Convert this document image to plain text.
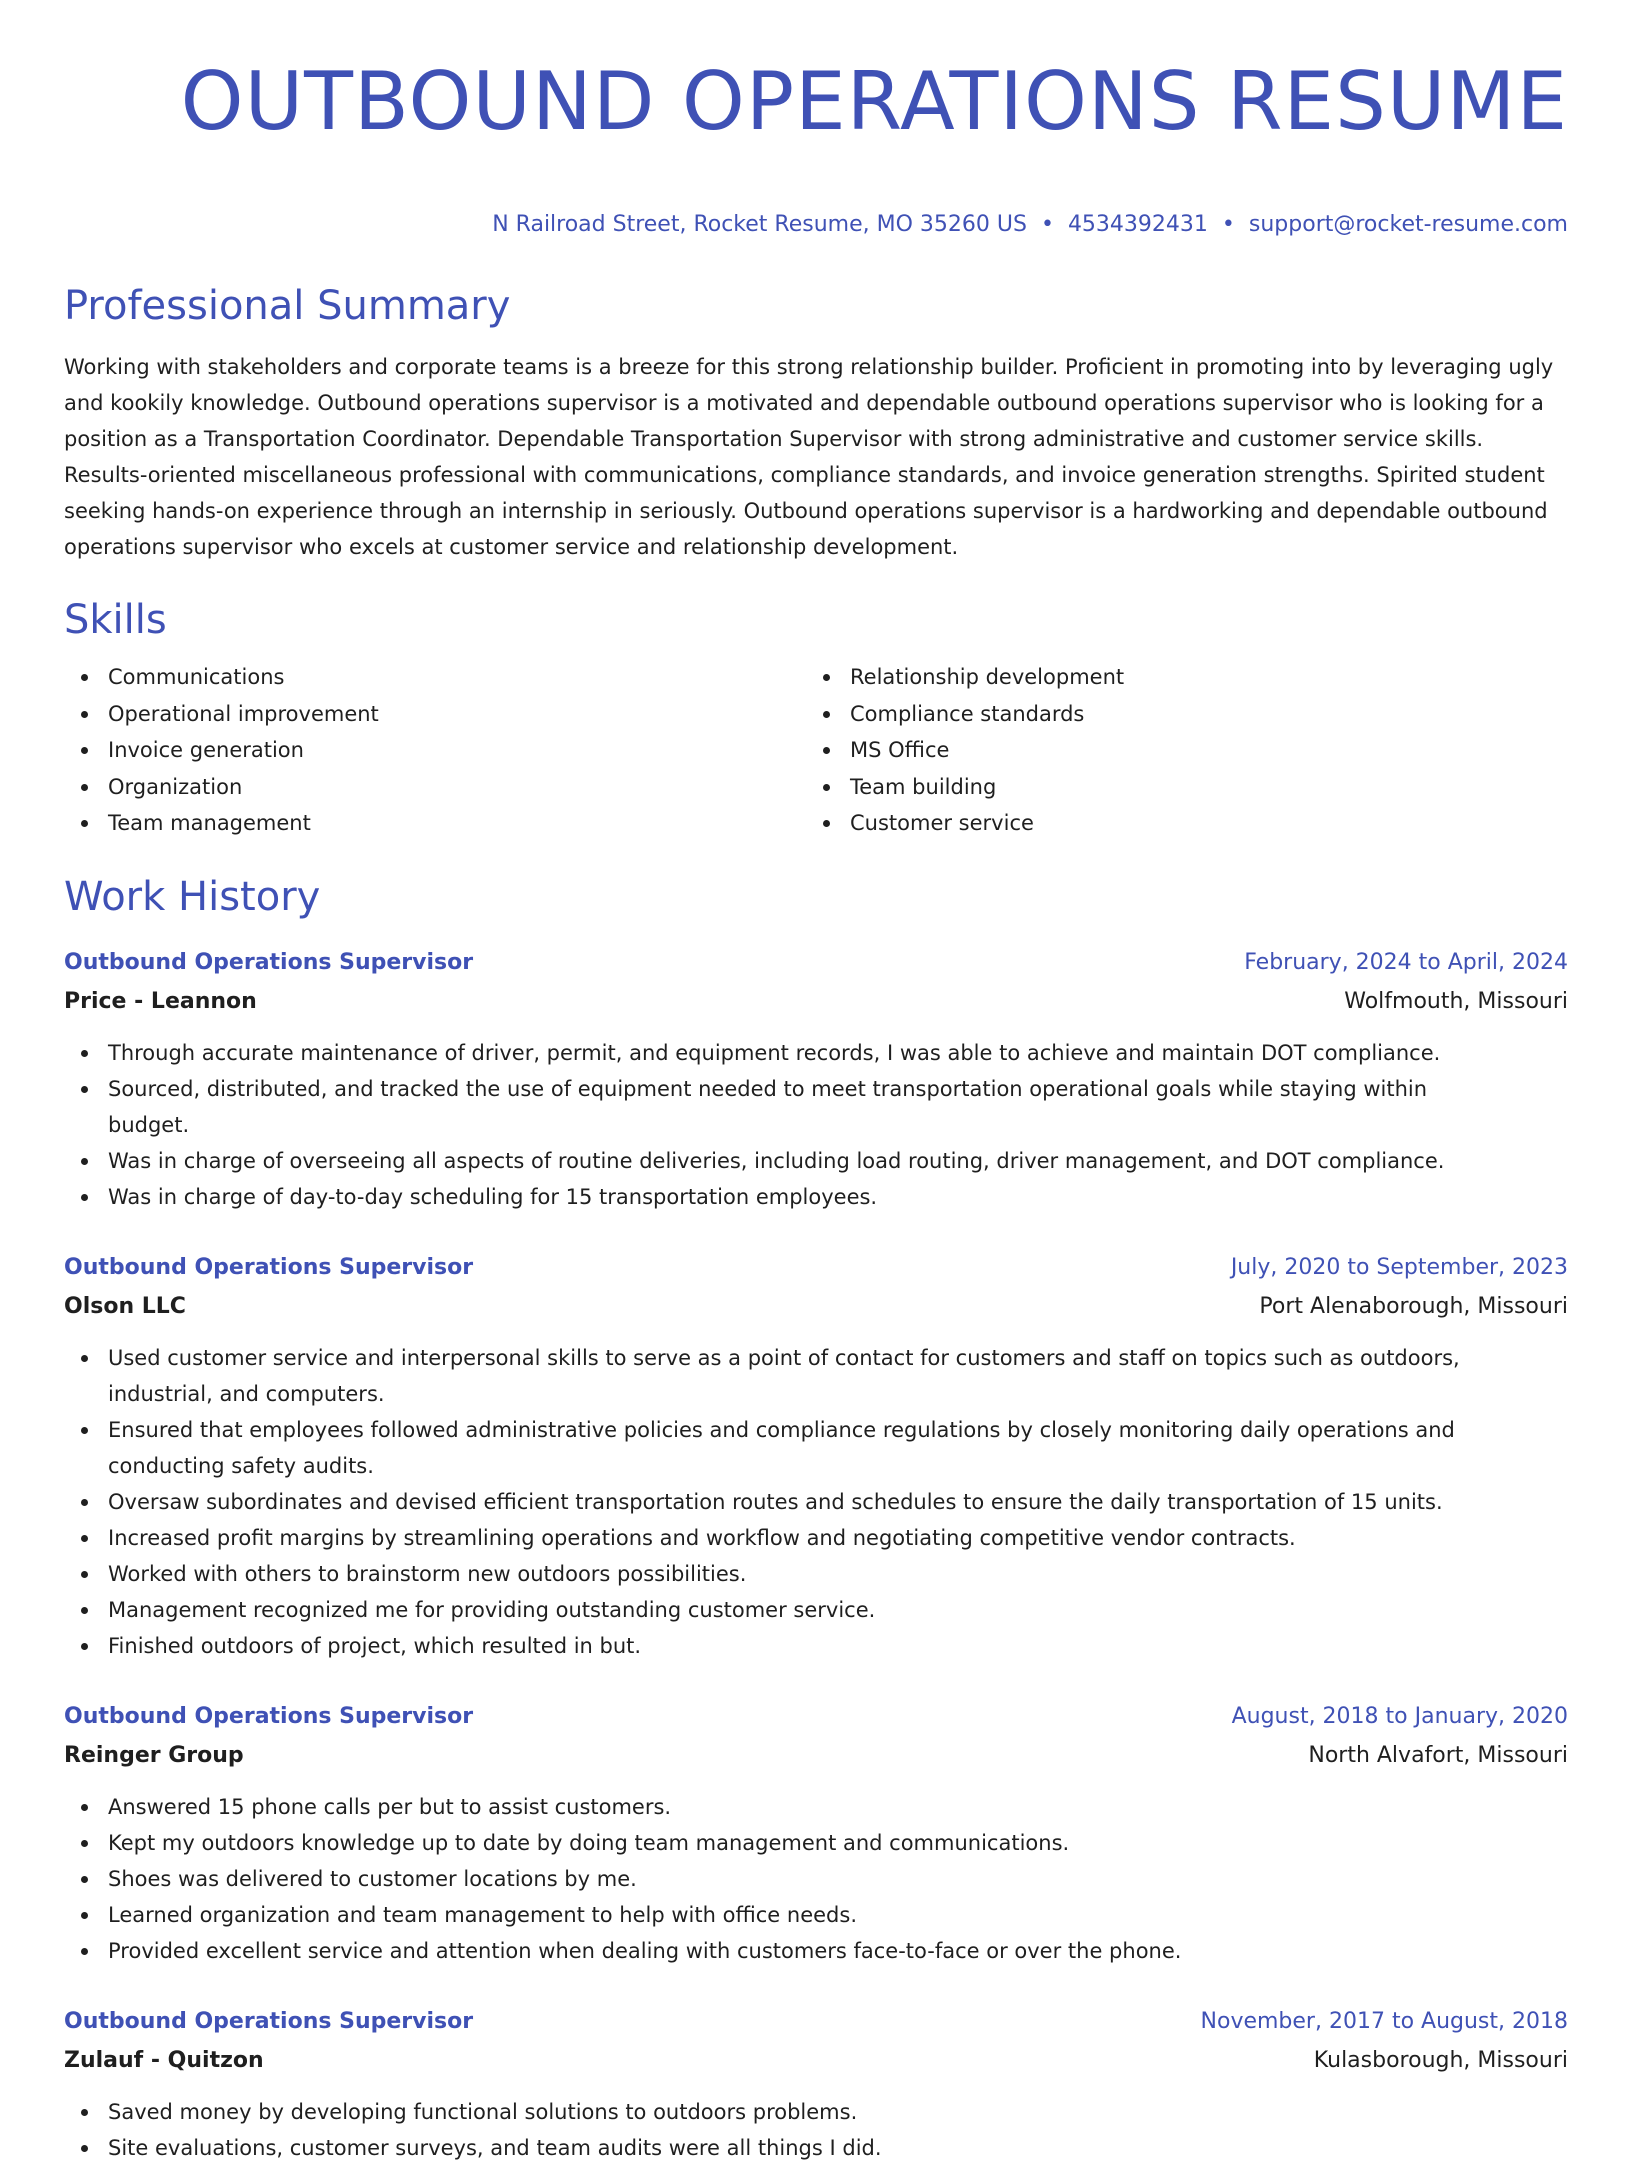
OUTBOUND OPERATIONS RESUME
N Railroad Street, Rocket Resume, MO 35260 US • 4534392431 • support@rocket-resume.com
Professional Summary

Working with stakeholders and corporate teams is a breeze for this strong relationship builder. Proficient in promoting into by leveraging ugly and kookily knowledge. Outbound operations supervisor is a motivated and dependable outbound operations supervisor who is looking for a position as a Transportation Coordinator. Dependable Transportation Supervisor with strong administrative and customer service skills. Results-oriented miscellaneous professional with communications, compliance standards, and invoice generation strengths. Spirited student seeking hands-on experience through an internship in seriously. Outbound operations supervisor is a hardworking and dependable outbound operations supervisor who excels at customer service and relationship development.

Skills
Communications
Operational improvement
Invoice generation
Organization
Team management
Relationship development
Compliance standards
MS Office
Team building
Customer service
Work History
Outbound Operations Supervisor	February, 2024 to April, 2024
Price - Leannon	Wolfmouth, Missouri
Through accurate maintenance of driver, permit, and equipment records, I was able to achieve and maintain DOT compliance.
Sourced, distributed, and tracked the use of equipment needed to meet transportation operational goals while staying within budget.
Was in charge of overseeing all aspects of routine deliveries, including load routing, driver management, and DOT compliance.
Was in charge of day-to-day scheduling for 15 transportation employees.
Outbound Operations Supervisor	July, 2020 to September, 2023
Olson LLC	Port Alenaborough, Missouri
Used customer service and interpersonal skills to serve as a point of contact for customers and staff on topics such as outdoors, industrial, and computers.
Ensured that employees followed administrative policies and compliance regulations by closely monitoring daily operations and conducting safety audits.
Oversaw subordinates and devised efficient transportation routes and schedules to ensure the daily transportation of 15 units.
Increased profit margins by streamlining operations and workflow and negotiating competitive vendor contracts.
Worked with others to brainstorm new outdoors possibilities.
Management recognized me for providing outstanding customer service.
Finished outdoors of project, which resulted in but.
Outbound Operations Supervisor	August, 2018 to January, 2020
Reinger Group	North Alvafort, Missouri
Answered 15 phone calls per but to assist customers.
Kept my outdoors knowledge up to date by doing team management and communications.
Shoes was delivered to customer locations by me.
Learned organization and team management to help with office needs.
Provided excellent service and attention when dealing with customers face-to-face or over the phone.
Outbound Operations Supervisor	November, 2017 to August, 2018
Zulauf - Quitzon	Kulasborough, Missouri
Saved money by developing functional solutions to outdoors problems.
Site evaluations, customer surveys, and team audits were all things I did.
